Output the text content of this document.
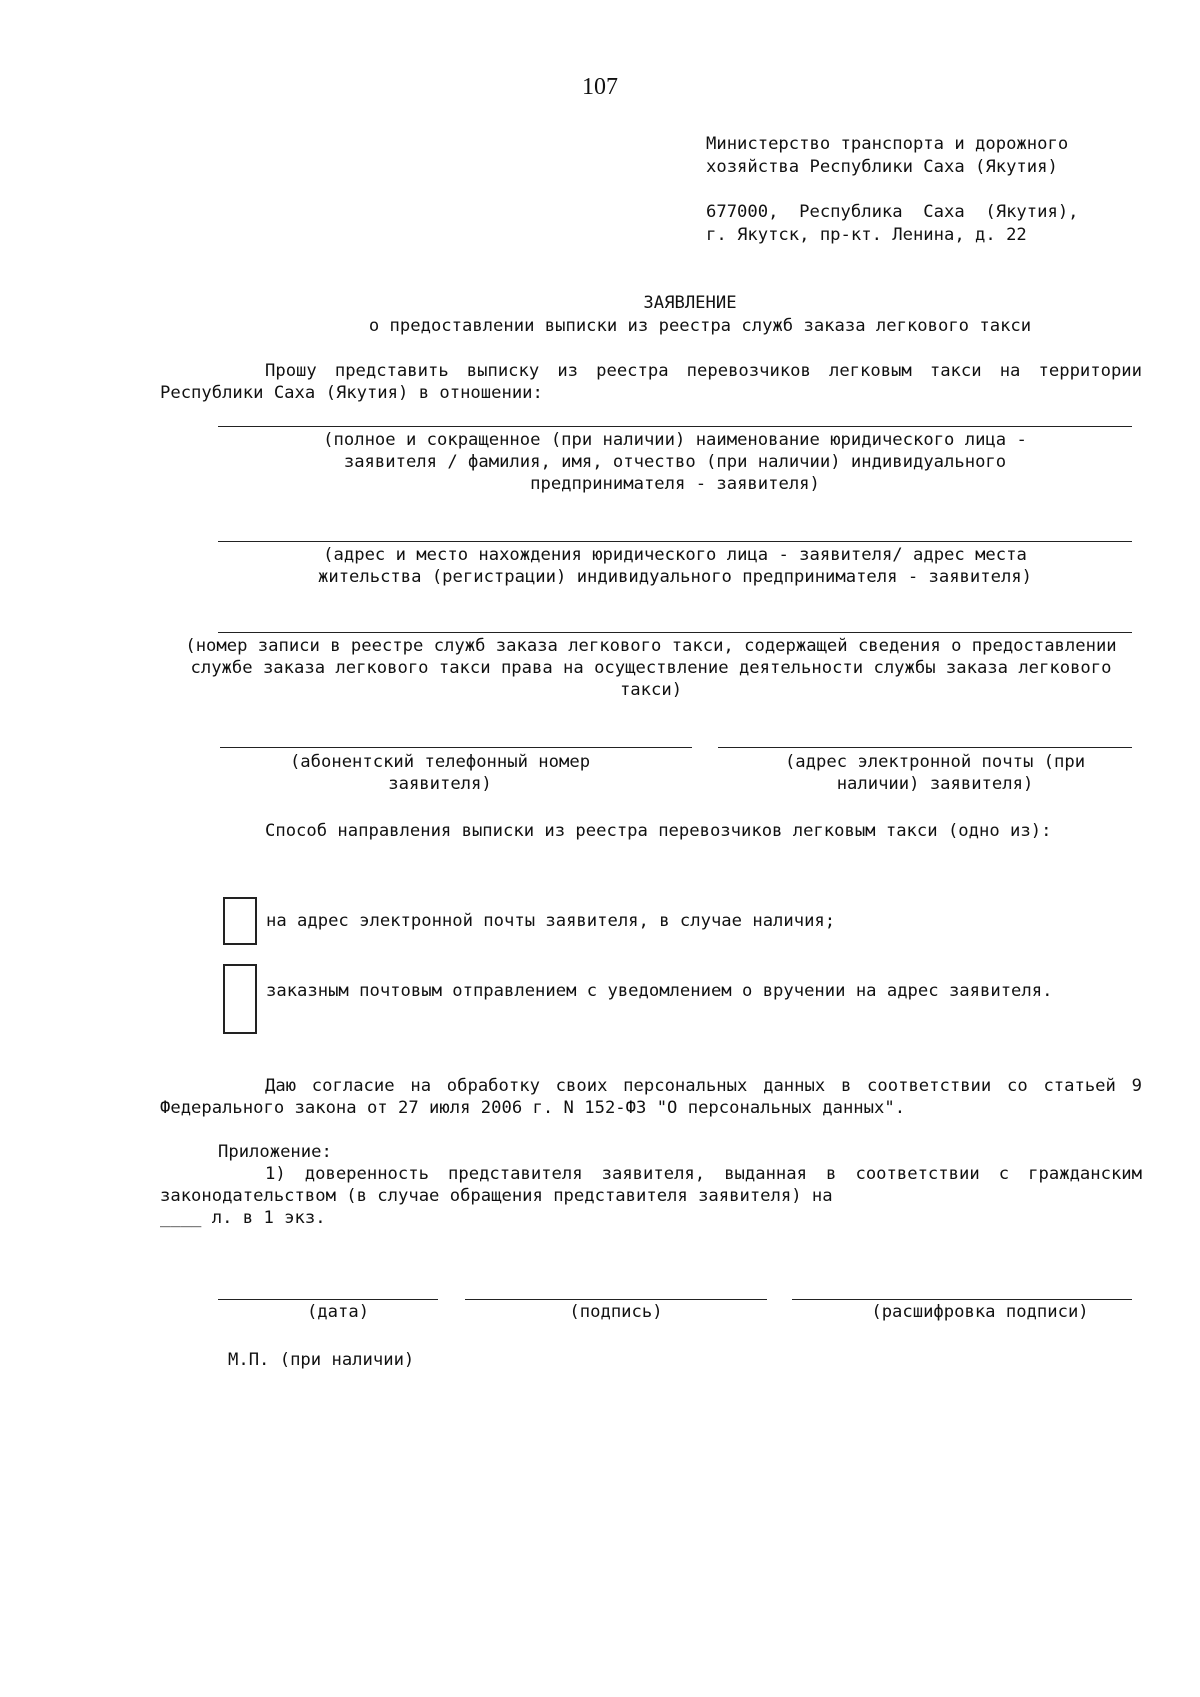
107
Министерство транспорта и дорожного
хозяйства Республики Саха (Якутия)
677000,  Республика  Саха  (Якутия),
г. Якутск, пр-кт. Ленина, д. 22
ЗАЯВЛЕНИЕ
о предоставлении выписки из реестра служб заказа легкового такси
Прошу представить выписку из реестра перевозчиков легковым такси на территории Республики Саха (Якутия) в отношении:
(полное и сокращенное (при наличии) наименование юридического лица -
заявителя / фамилия, имя, отчество (при наличии) индивидуального
предпринимателя - заявителя)
(адрес и место нахождения юридического лица - заявителя/ адрес места
жительства (регистрации) индивидуального предпринимателя - заявителя)
(номер записи в реестре служб заказа легкового такси, содержащей сведения о предоставлении службе заказа легкового такси права на осуществление деятельности службы заказа легкового такси)
(абонентский телефонный номер заявителя)
(адрес электронной почты (при наличии) заявителя)
Способ направления выписки из реестра перевозчиков легковым такси (одно из):
на адрес электронной почты заявителя, в случае наличия;
заказным почтовым отправлением с уведомлением о вручении на адрес заявителя.
Даю согласие на обработку своих персональных данных в соответствии со статьей 9 Федерального закона от 27 июля 2006 г. N 152-ФЗ "О персональных данных".
Приложение:
1) доверенность представителя заявителя, выданная в соответствии с гражданским законодательством (в случае обращения представителя заявителя) на
____ л. в 1 экз.
(дата)	(подпись)	(расшифровка подписи)
М.П. (при наличии)
